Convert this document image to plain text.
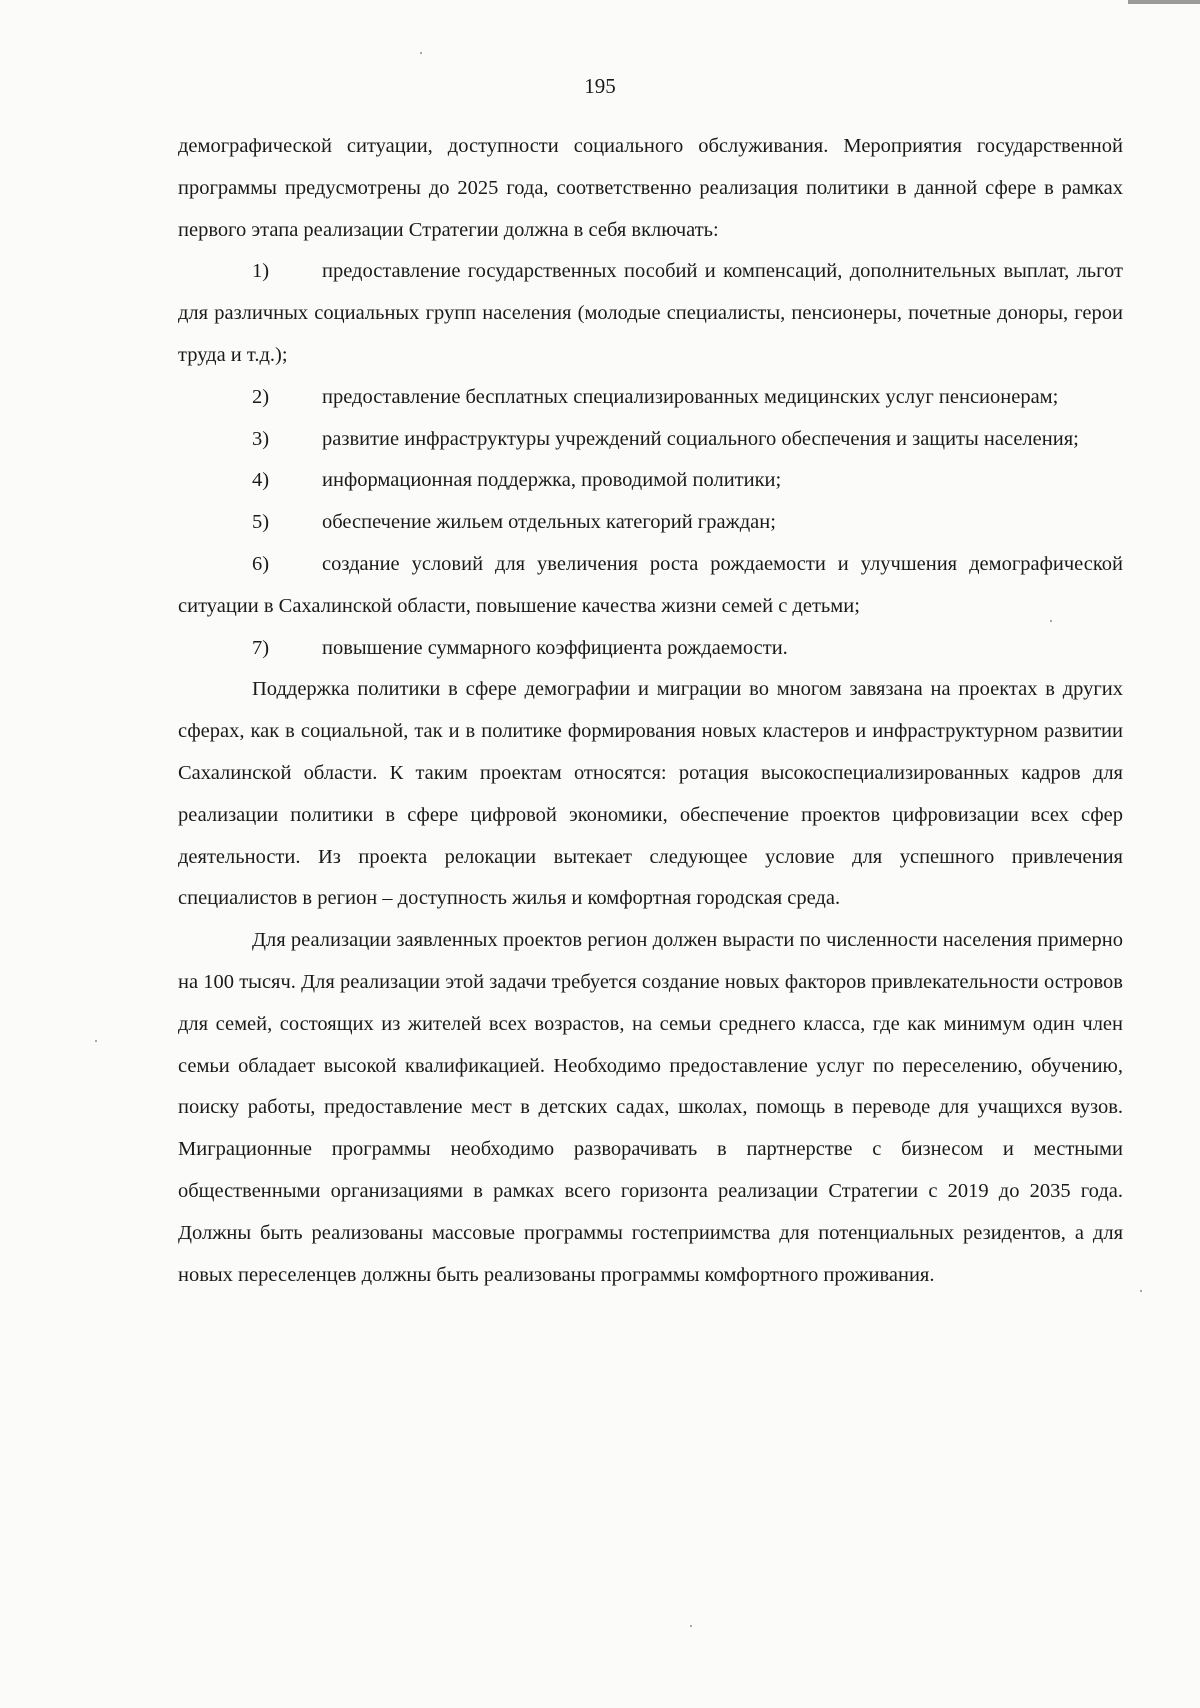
195

демографической ситуации, доступности социального обслуживания. Мероприятия государственной программы предусмотрены до 2025 года, соответственно реализация политики в данной сфере в рамках первого этапа реализации Стратегии должна в себя включать:

1)	предоставление государственных пособий и компенсаций, дополнительных выплат, льгот для различных социальных групп населения (молодые специалисты, пенсионеры, почетные доноры, герои труда и т.д.);

2)	предоставление бесплатных специализированных медицинских услуг пенсионерам;

3)	развитие инфраструктуры учреждений социального обеспечения и защиты населения;

4)	информационная поддержка, проводимой политики;

5)	обеспечение жильем отдельных категорий граждан;

6)	создание условий для увеличения роста рождаемости и улучшения демографической ситуации в Сахалинской области, повышение качества жизни семей с детьми;

7)	повышение суммарного коэффициента рождаемости.

Поддержка политики в сфере демографии и миграции во многом завязана на проектах в других сферах, как в социальной, так и в политике формирования новых кластеров и инфраструктурном развитии Сахалинской области. К таким проектам относятся: ротация высокоспециализированных кадров для реализации политики в сфере цифровой экономики, обеспечение проектов цифровизации всех сфер деятельности. Из проекта релокации вытекает следующее условие для успешного привлечения специалистов в регион – доступность жилья и комфортная городская среда.

Для реализации заявленных проектов регион должен вырасти по численности населения примерно на 100 тысяч. Для реализации этой задачи требуется создание новых факторов привлекательности островов для семей, состоящих из жителей всех возрастов, на семьи среднего класса, где как минимум один член семьи обладает высокой квалификацией. Необходимо предоставление услуг по переселению, обучению, поиску работы, предоставление мест в детских садах, школах, помощь в переводе для учащихся вузов. Миграционные программы необходимо разворачивать в партнерстве с бизнесом и местными общественными организациями в рамках всего горизонта реализации Стратегии с 2019 до 2035 года. Должны быть реализованы массовые программы гостеприимства для потенциальных резидентов, а для новых переселенцев должны быть реализованы программы комфортного проживания.
